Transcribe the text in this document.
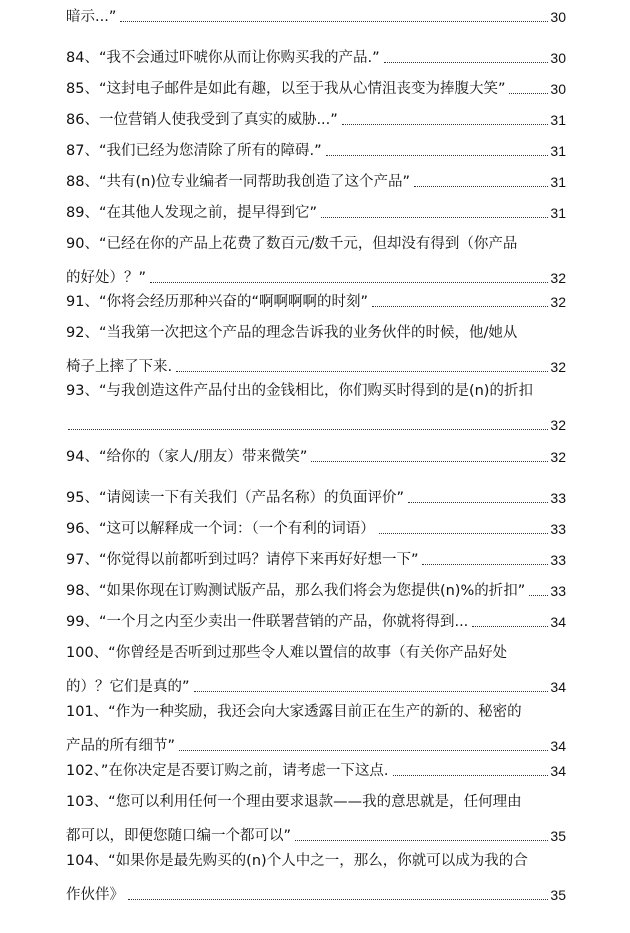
暗示...”	30
84、“我不会通过吓唬你从而让你购买我的产品.”	30
85、“这封电子邮件是如此有趣，以至于我从心情沮丧变为捧腹大笑”	30
86、一位营销人使我受到了真实的威胁...”	31
87、“我们已经为您清除了所有的障碍.”	31
88、“共有(n)位专业编者一同帮助我创造了这个产品”	31
89、“在其他人发现之前，提早得到它”	31
90、“已经在你的产品上花费了数百元/数千元，但却没有得到（你产品
的好处）？”	32
91、“你将会经历那种兴奋的“啊啊啊啊的时刻”	32
92、“当我第一次把这个产品的理念告诉我的业务伙伴的时候，他/她从
椅子上摔了下来.	32
93、“与我创造这件产品付出的金钱相比，你们购买时得到的是(n)的折扣
32
94、“给你的（家人/朋友）带来微笑”	32
95、“请阅读一下有关我们（产品名称）的负面评价”	33
96、“这可以解释成一个词：（一个有利的词语）	33
97、“你觉得以前都听到过吗？请停下来再好好想一下”	33
98、“如果你现在订购测试版产品，那么我们将会为您提供(n)%的折扣” 33
99、“一个月之内至少卖出一件联署营销的产品，你就将得到...	34
100、“你曾经是否听到过那些令人难以置信的故事（有关你产品好处
的）？它们是真的”	34
101、“作为一种奖励，我还会向大家透露目前正在生产的新的、秘密的
产品的所有细节”	34
102、”在你决定是否要订购之前，请考虑一下这点.	34
103、“您可以利用任何一个理由要求退款——我的意思就是，任何理由
都可以，即便您随口编一个都可以”	35
104、“如果你是最先购买的(n)个人中之一，那么，你就可以成为我的合
作伙伴》	35
